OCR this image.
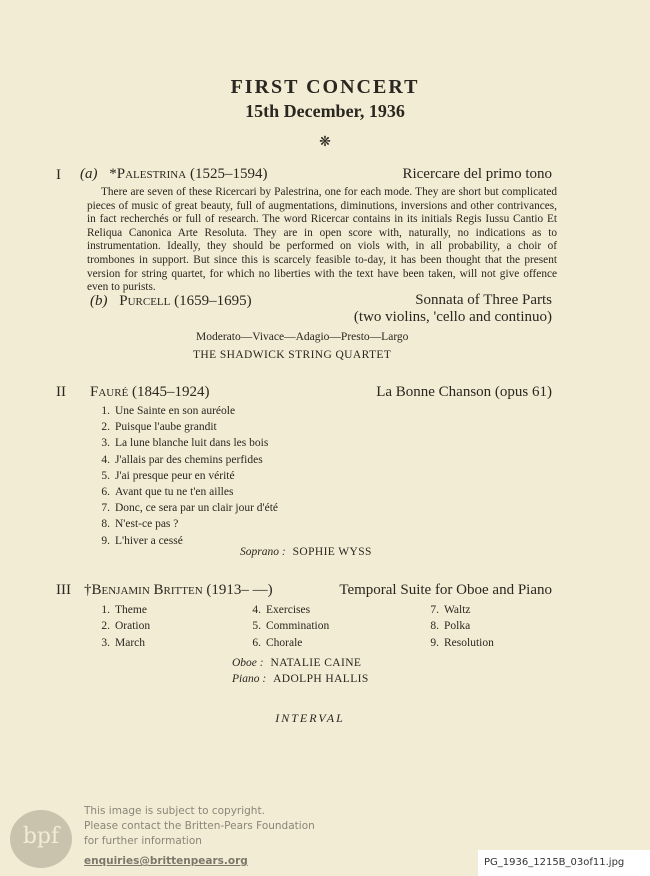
FIRST CONCERT
15th December, 1936
❋
I (a) *Palestrina (1525–1594)	Ricercare del primo tono
There are seven of these Ricercari by Palestrina, one for each mode. They are short but complicated pieces of music of great beauty, full of augmentations, diminutions, inversions and other contrivances, in fact recherchés or full of research. The word Ricercar contains in its initials Regis Iussu Cantio Et Reliqua Canonica Arte Resoluta. They are in open score with, naturally, no indications as to instrumentation. Ideally, they should be performed on viols with, in all probability, a choir of trombones in support. But since this is scarcely feasible to-day, it has been thought that the present version for string quartet, for which no liberties with the text have been taken, will not give offence even to purists.
(b) Purcell (1659–1695)	Sonnata of Three Parts
(two violins, 'cello and continuo)
Moderato—Vivace—Adagio—Presto—Largo
THE SHADWICK STRING QUARTET
II Fauré (1845–1924)	La Bonne Chanson (opus 61)
1. Une Sainte en son auréole
2. Puisque l'aube grandit
3. La lune blanche luit dans les bois
4. J'allais par des chemins perfides
5. J'ai presque peur en vérité
6. Avant que tu ne t'en ailles
7. Donc, ce sera par un clair jour d'été
8. N'est-ce pas ?
9. L'hiver a cessé
Soprano : SOPHIE WYSS
III †Benjamin Britten (1913– —)	Temporal Suite for Oboe and Piano
1. Theme
2. Oration
3. March
4. Exercises
5. Commination
6. Chorale
7. Waltz
8. Polka
9. Resolution
Oboe : NATALIE CAINE
Piano : ADOLPH HALLIS
INTERVAL
bpf
This image is subject to copyright.
Please contact the Britten-Pears Foundation
for further information
enquiries@brittenpears.org	PG_1936_1215B_03of11.jpg
